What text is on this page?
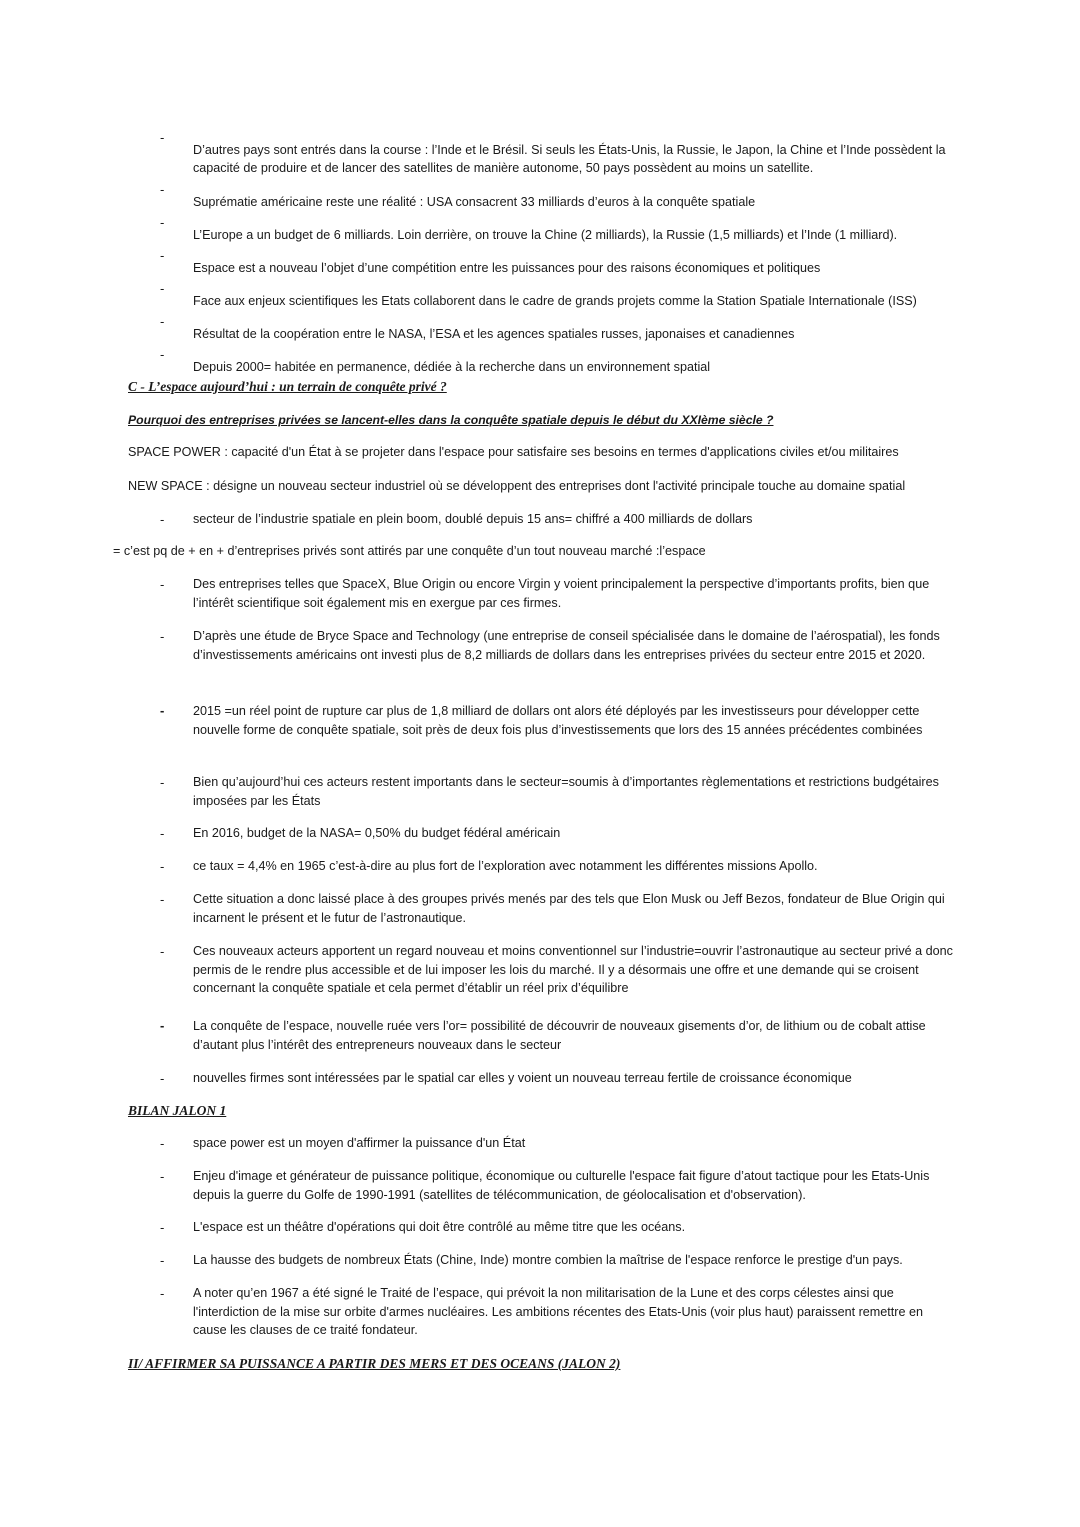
-

D’autres pays sont entrés dans la course : l’Inde et le Brésil. Si seuls les États-Unis, la Russie, le Japon, la Chine et l’Inde possèdent la capacité de produire et de lancer des satellites de manière autonome, 50 pays possèdent au moins un satellite.

-

Suprématie américaine reste une réalité : USA consacrent 33 milliards d’euros à la conquête spatiale

-

L’Europe a un budget de 6 milliards. Loin derrière, on trouve la Chine (2 milliards), la Russie (1,5 milliards) et l’Inde (1 milliard).

-

Espace est a nouveau l’objet d’une compétition entre les puissances pour des raisons économiques et politiques

-

Face aux enjeux scientifiques les Etats collaborent dans le cadre de grands projets comme la Station Spatiale Internationale (ISS)

-

Résultat de la coopération entre le NASA, l’ESA et les agences spatiales russes, japonaises et canadiennes

-

Depuis 2000= habitée en permanence, dédiée à la recherche dans un environnement spatial

C - L’espace aujourd’hui : un terrain de conquête privé ?

Pourquoi des entreprises privées se lancent-elles dans la conquête spatiale depuis le début du XXIème siècle ?

SPACE POWER : capacité d'un État à se projeter dans l'espace pour satisfaire ses besoins en termes d'applications civiles et/ou militaires

NEW SPACE : désigne un nouveau secteur industriel où se développent des entreprises dont l'activité principale touche au domaine spatial

- secteur de l’industrie spatiale en plein boom, doublé depuis 15 ans= chiffré a 400 milliards de dollars

= c’est pq de + en + d’entreprises privés sont attirés par une conquête d’un tout nouveau marché :l’espace

- Des entreprises telles que SpaceX, Blue Origin ou encore Virgin y voient principalement la perspective d’importants profits, bien que l’intérêt scientifique soit également mis en exergue par ces firmes.

- D’après une étude de Bryce Space and Technology (une entreprise de conseil spécialisée dans le domaine de l’aérospatial), les fonds d’investissements américains ont investi plus de 8,2 milliards de dollars dans les entreprises privées du secteur entre 2015 et 2020.

- 2015 =un réel point de rupture car plus de 1,8 milliard de dollars ont alors été déployés par les investisseurs pour développer cette nouvelle forme de conquête spatiale, soit près de deux fois plus d’investissements que lors des 15 années précédentes combinées

- Bien qu’aujourd’hui ces acteurs restent importants dans le secteur=soumis à d’importantes règlementations et restrictions budgétaires imposées par les États

- En 2016, budget de la NASA= 0,50% du budget fédéral américain

- ce taux = 4,4% en 1965 c’est-à-dire au plus fort de l’exploration avec notamment les différentes missions Apollo.

- Cette situation a donc laissé place à des groupes privés menés par des tels que Elon Musk ou Jeff Bezos, fondateur de Blue Origin qui incarnent le présent et le futur de l’astronautique.

- Ces nouveaux acteurs apportent un regard nouveau et moins conventionnel sur l’industrie=ouvrir l’astronautique au secteur privé a donc permis de le rendre plus accessible et de lui imposer les lois du marché. Il y a désormais une offre et une demande qui se croisent concernant la conquête spatiale et cela permet d’établir un réel prix d’équilibre

- La conquête de l’espace, nouvelle ruée vers l’or= possibilité de découvrir de nouveaux gisements d’or, de lithium ou de cobalt attise d’autant plus l’intérêt des entrepreneurs nouveaux dans le secteur

- nouvelles firmes sont intéressées par le spatial car elles y voient un nouveau terreau fertile de croissance économique

BILAN JALON 1
- space power est un moyen d'affirmer la puissance d'un État

- Enjeu d'image et générateur de puissance politique, économique ou culturelle l'espace fait figure d’atout tactique pour les Etats-Unis depuis la guerre du Golfe de 1990-1991 (satellites de télécommunication, de géolocalisation et d'observation).

- L'espace est un théâtre d'opérations qui doit être contrôlé au même titre que les océans.

- La hausse des budgets de nombreux États (Chine, Inde) montre combien la maîtrise de l'espace renforce le prestige d'un pays.

- A noter qu’en 1967 a été signé le Traité de l’espace, qui prévoit la non militarisation de la Lune et des corps célestes ainsi que l'interdiction de la mise sur orbite d'armes nucléaires. Les ambitions récentes des Etats-Unis (voir plus haut) paraissent remettre en cause les clauses de ce traité fondateur.

II/ AFFIRMER SA PUISSANCE A PARTIR DES MERS ET DES OCEANS (JALON 2)
